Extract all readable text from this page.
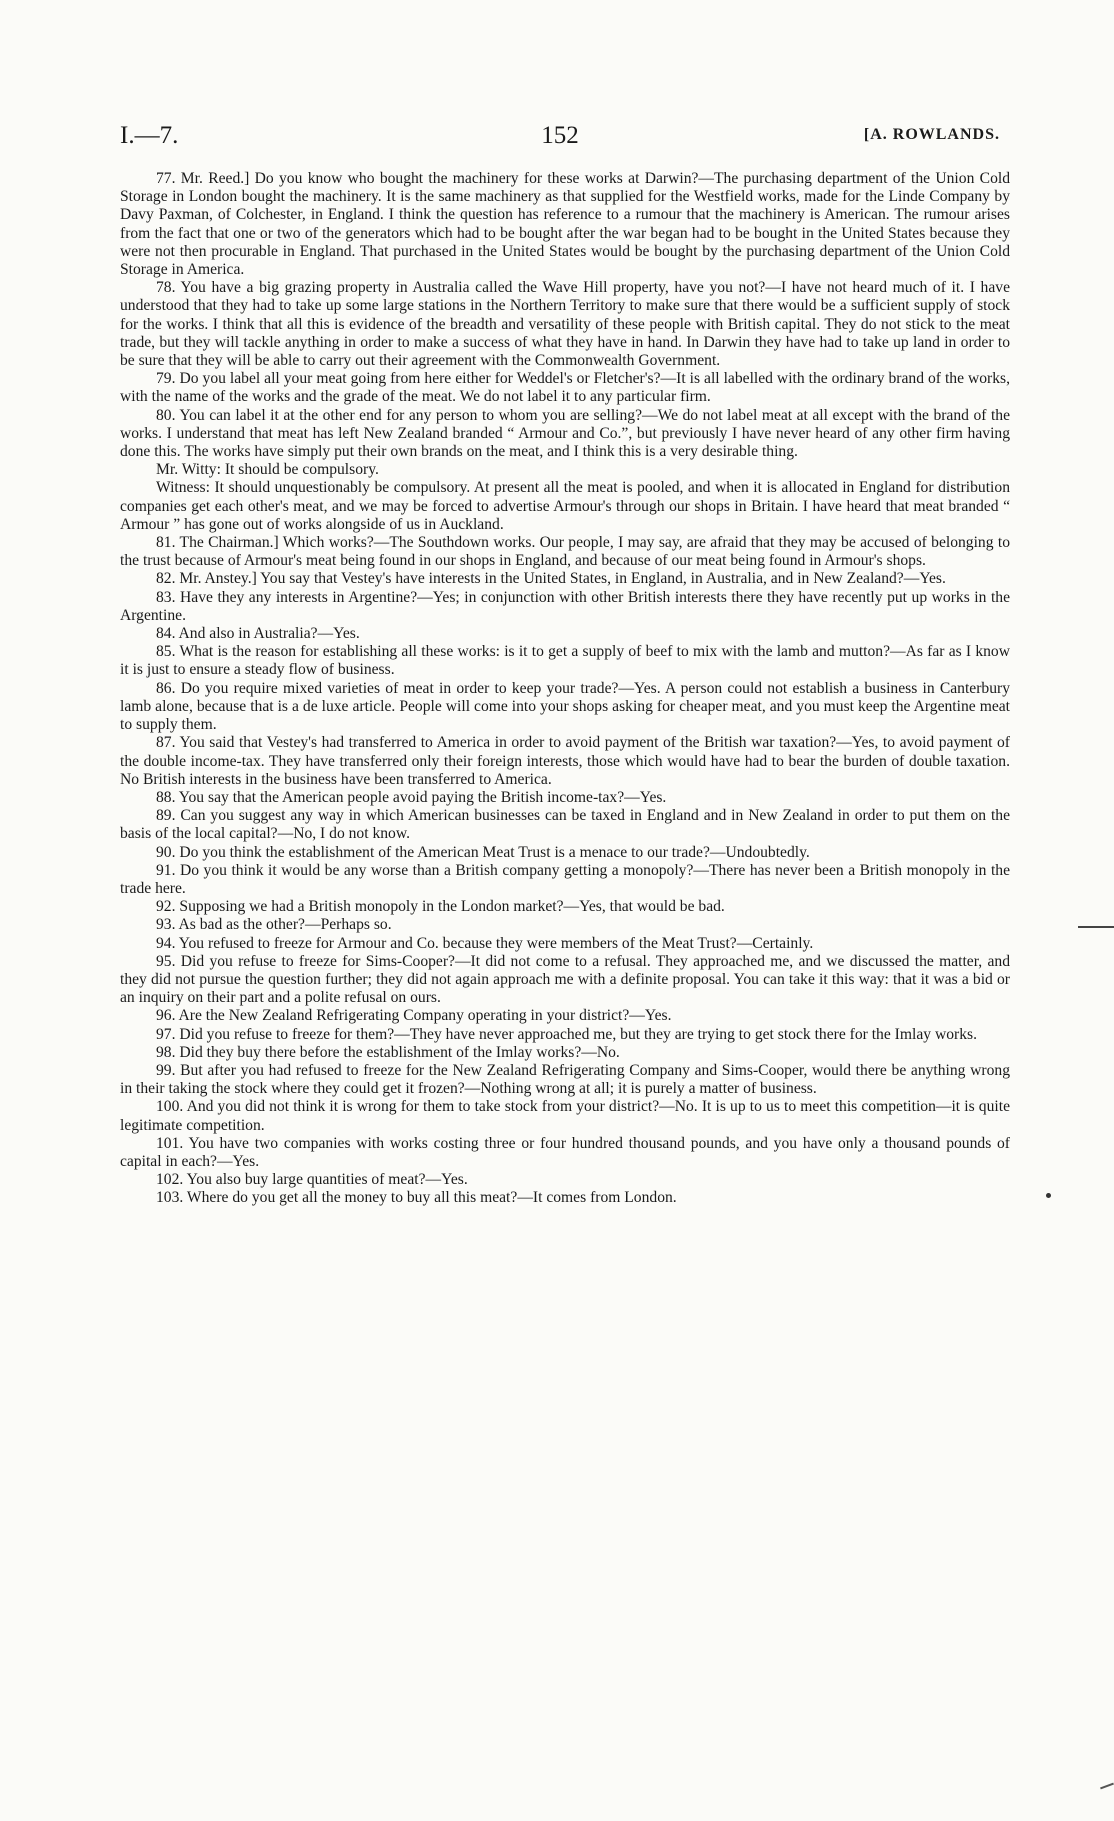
I.—7.	152	[A. ROWLANDS.

77. Mr. Reed.] Do you know who bought the machinery for these works at Darwin?—The purchasing department of the Union Cold Storage in London bought the machinery. It is the same machinery as that supplied for the Westfield works, made for the Linde Company by Davy Paxman, of Colchester, in England. I think the question has reference to a rumour that the machinery is American. The rumour arises from the fact that one or two of the generators which had to be bought after the war began had to be bought in the United States because they were not then procurable in England. That purchased in the United States would be bought by the purchasing department of the Union Cold Storage in America.

78. You have a big grazing property in Australia called the Wave Hill property, have you not?—I have not heard much of it. I have understood that they had to take up some large stations in the Northern Territory to make sure that there would be a sufficient supply of stock for the works. I think that all this is evidence of the breadth and versatility of these people with British capital. They do not stick to the meat trade, but they will tackle anything in order to make a success of what they have in hand. In Darwin they have had to take up land in order to be sure that they will be able to carry out their agreement with the Commonwealth Government.

79. Do you label all your meat going from here either for Weddel's or Fletcher's?—It is all labelled with the ordinary brand of the works, with the name of the works and the grade of the meat. We do not label it to any particular firm.

80. You can label it at the other end for any person to whom you are selling?—We do not label meat at all except with the brand of the works. I understand that meat has left New Zealand branded “ Armour and Co.”, but previously I have never heard of any other firm having done this. The works have simply put their own brands on the meat, and I think this is a very desirable thing.

Mr. Witty: It should be compulsory.

Witness: It should unquestionably be compulsory. At present all the meat is pooled, and when it is allocated in England for distribution companies get each other's meat, and we may be forced to advertise Armour's through our shops in Britain. I have heard that meat branded “ Armour ” has gone out of works alongside of us in Auckland.

81. The Chairman.] Which works?—The Southdown works. Our people, I may say, are afraid that they may be accused of belonging to the trust because of Armour's meat being found in our shops in England, and because of our meat being found in Armour's shops.

82. Mr. Anstey.] You say that Vestey's have interests in the United States, in England, in Australia, and in New Zealand?—Yes.

83. Have they any interests in Argentine?—Yes; in conjunction with other British interests there they have recently put up works in the Argentine.

84. And also in Australia?—Yes.

85. What is the reason for establishing all these works: is it to get a supply of beef to mix with the lamb and mutton?—As far as I know it is just to ensure a steady flow of business.

86. Do you require mixed varieties of meat in order to keep your trade?—Yes. A person could not establish a business in Canterbury lamb alone, because that is a de luxe article. People will come into your shops asking for cheaper meat, and you must keep the Argentine meat to supply them.

87. You said that Vestey's had transferred to America in order to avoid payment of the British war taxation?—Yes, to avoid payment of the double income-tax. They have transferred only their foreign interests, those which would have had to bear the burden of double taxation. No British interests in the business have been transferred to America.

88. You say that the American people avoid paying the British income-tax?—Yes.

89. Can you suggest any way in which American businesses can be taxed in England and in New Zealand in order to put them on the basis of the local capital?—No, I do not know.

90. Do you think the establishment of the American Meat Trust is a menace to our trade?—Undoubtedly.

91. Do you think it would be any worse than a British company getting a monopoly?—There has never been a British monopoly in the trade here.

92. Supposing we had a British monopoly in the London market?—Yes, that would be bad.

93. As bad as the other?—Perhaps so.

94. You refused to freeze for Armour and Co. because they were members of the Meat Trust?—Certainly.

95. Did you refuse to freeze for Sims-Cooper?—It did not come to a refusal. They approached me, and we discussed the matter, and they did not pursue the question further; they did not again approach me with a definite proposal. You can take it this way: that it was a bid or an inquiry on their part and a polite refusal on ours.

96. Are the New Zealand Refrigerating Company operating in your district?—Yes.

97. Did you refuse to freeze for them?—They have never approached me, but they are trying to get stock there for the Imlay works.

98. Did they buy there before the establishment of the Imlay works?—No.

99. But after you had refused to freeze for the New Zealand Refrigerating Company and Sims-Cooper, would there be anything wrong in their taking the stock where they could get it frozen?—Nothing wrong at all; it is purely a matter of business.

100. And you did not think it is wrong for them to take stock from your district?—No. It is up to us to meet this competition—it is quite legitimate competition.

101. You have two companies with works costing three or four hundred thousand pounds, and you have only a thousand pounds of capital in each?—Yes.

102. You also buy large quantities of meat?—Yes.

103. Where do you get all the money to buy all this meat?—It comes from London.
